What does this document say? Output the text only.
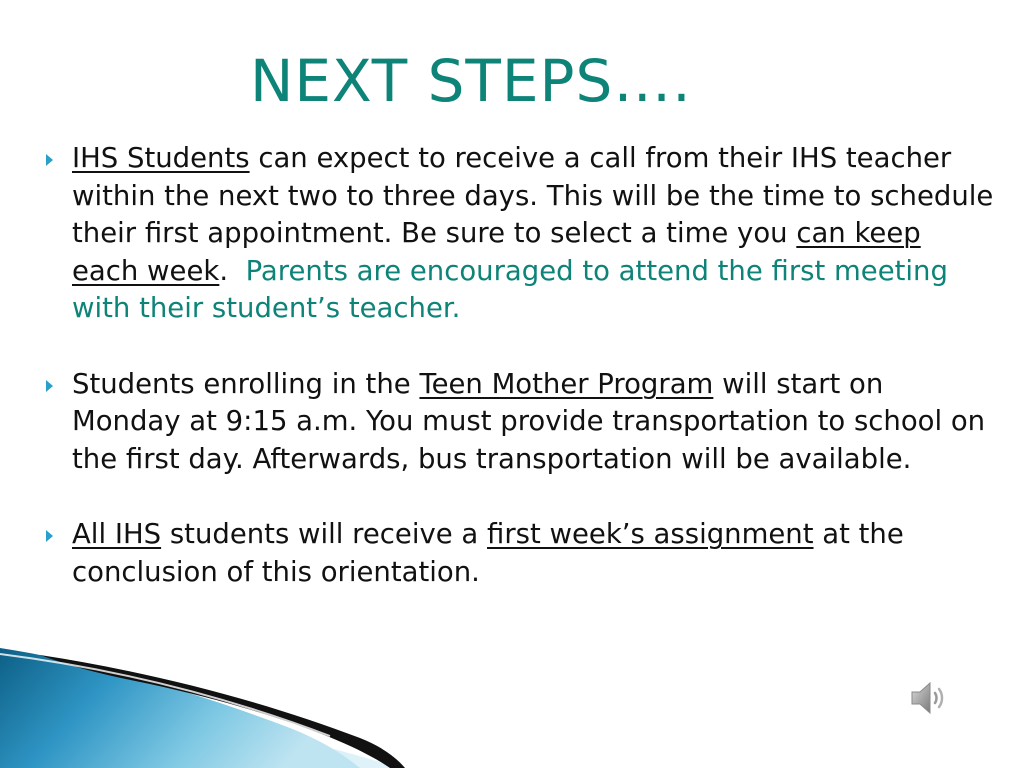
NEXT STEPS….
IHS Students can expect to receive a call from their IHS teacher within the next two to three days. This will be the time to schedule their first appointment. Be sure to select a time you can keep each week.  Parents are encouraged to attend the first meeting with their student’s teacher.
Students enrolling in the Teen Mother Program will start on Monday at 9:15 a.m. You must provide transportation to school on the first day. Afterwards, bus transportation will be available.
All IHS students will receive a first week’s assignment at the conclusion of this orientation.
